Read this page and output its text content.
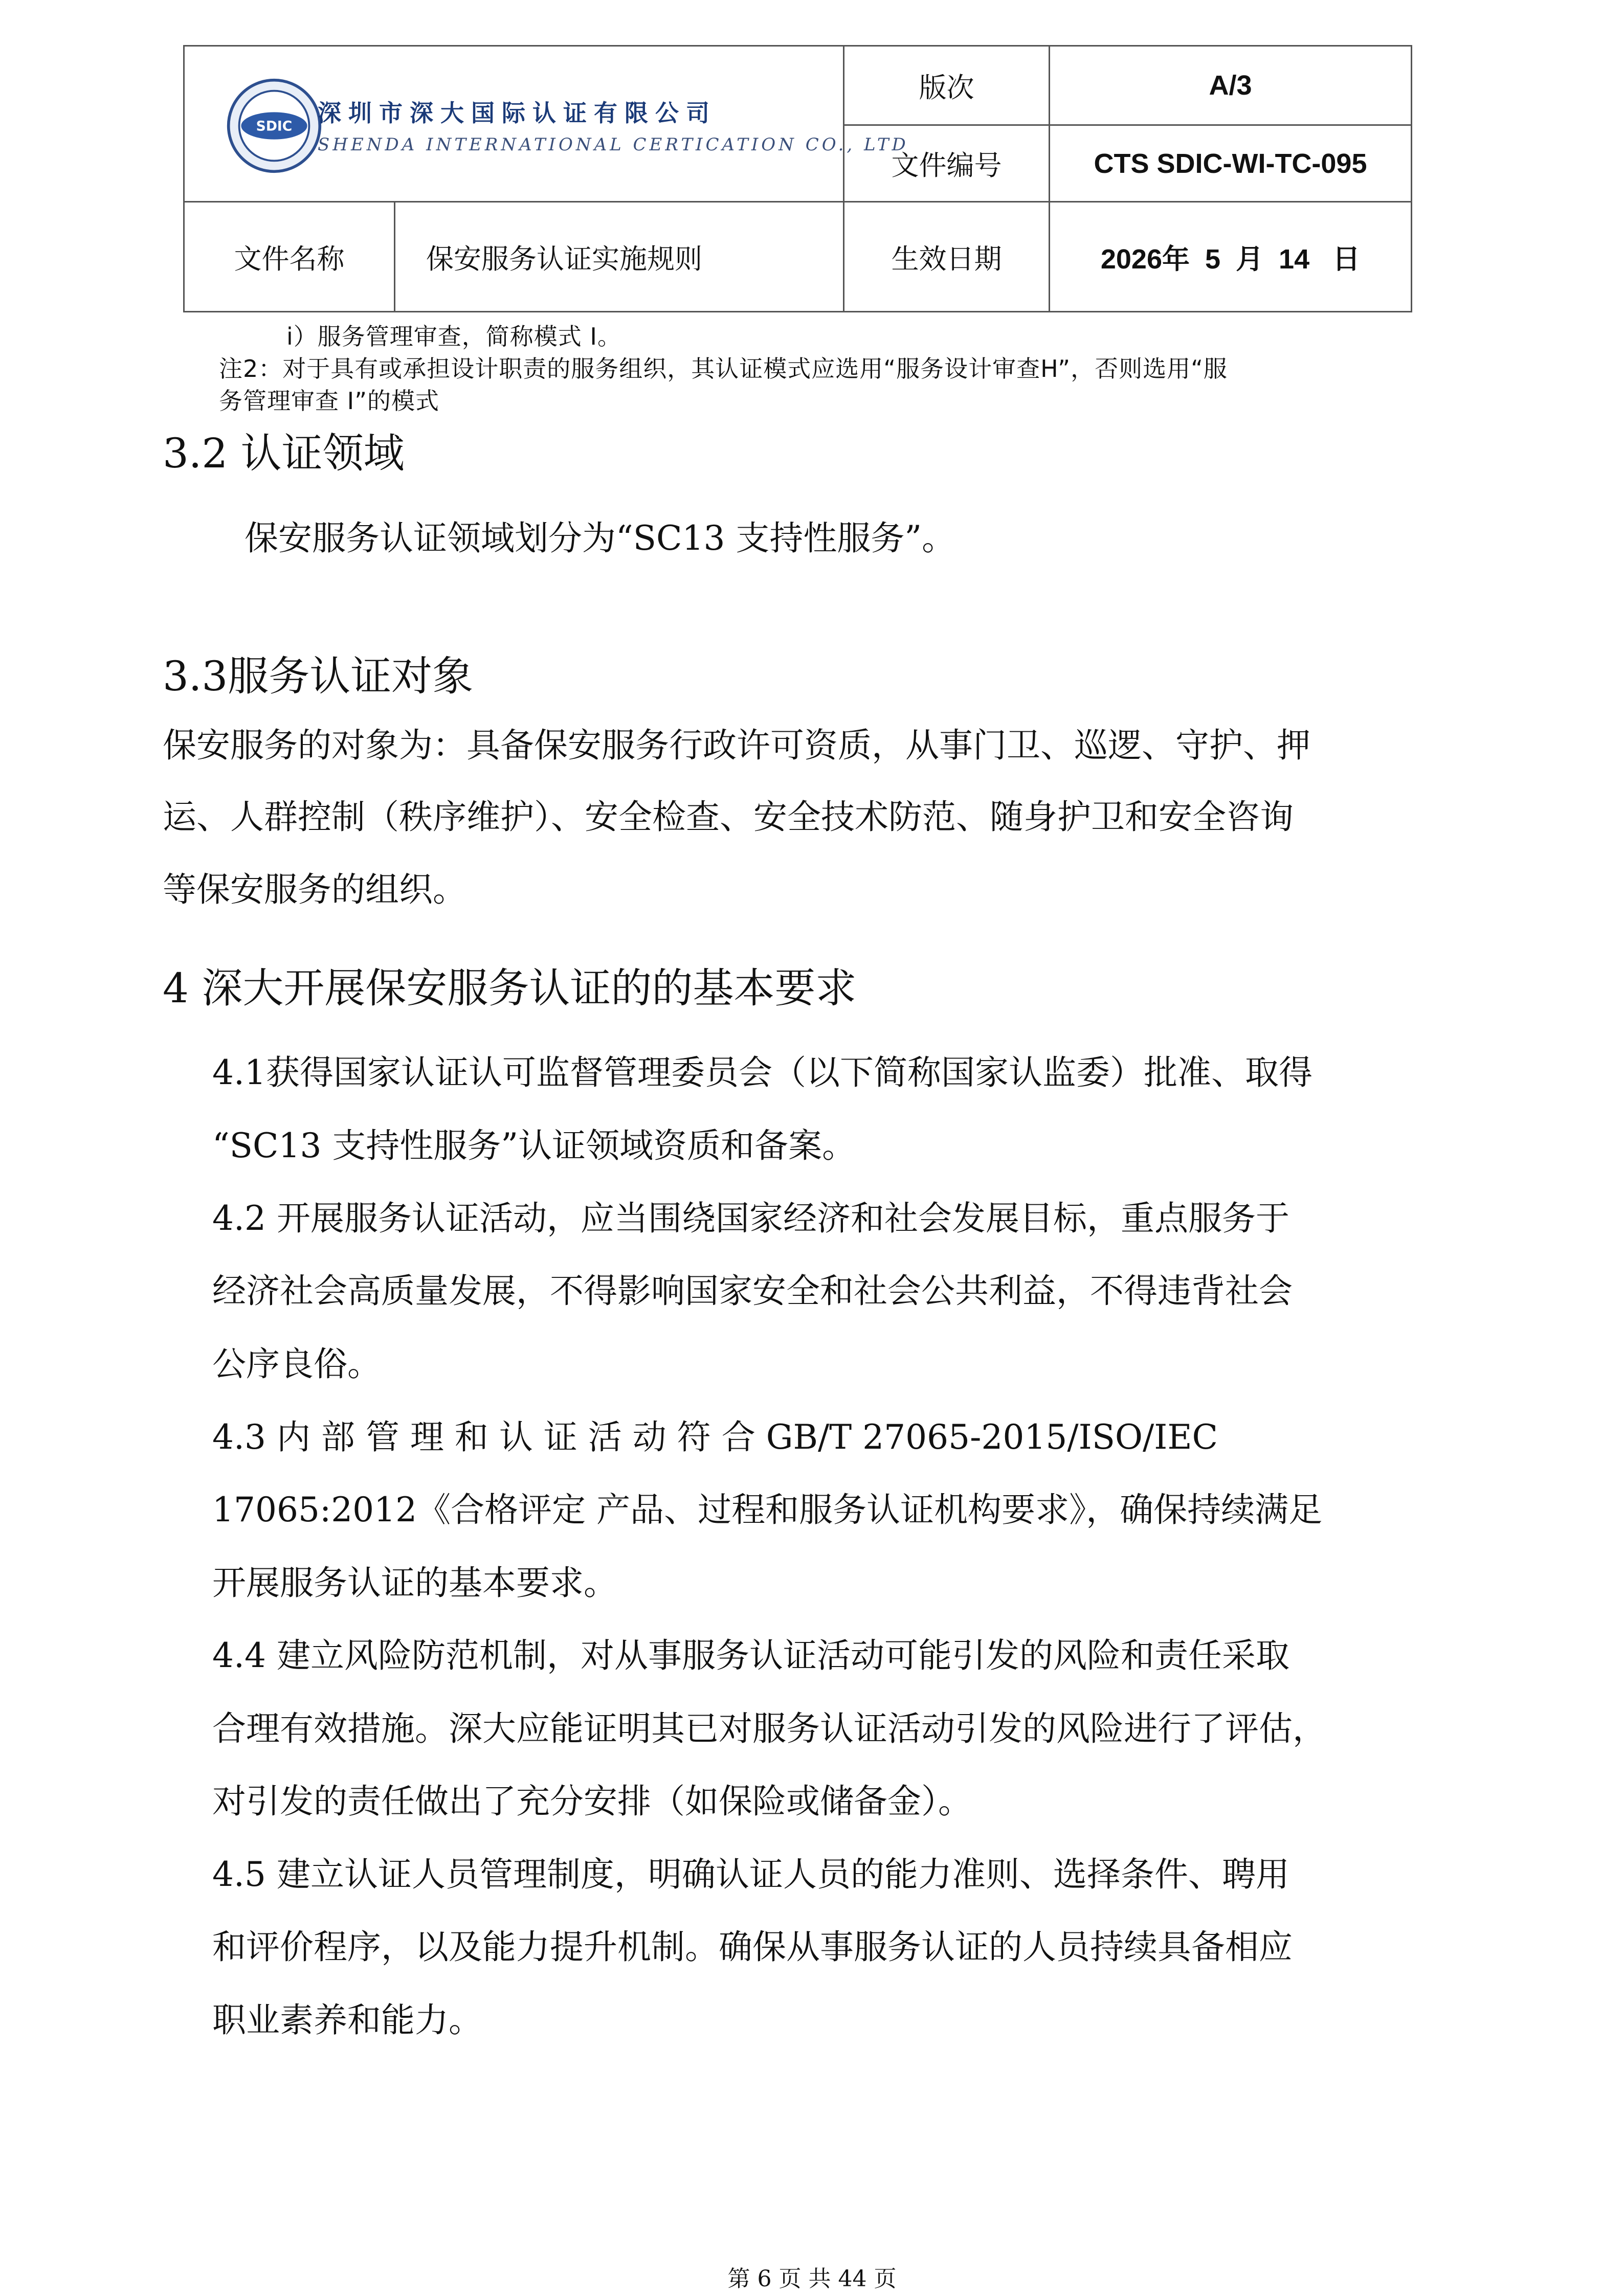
SDIC 深圳市深大国际认证有限公司
SHENDA INTERNATIONAL CERTICATION CO., LTD		版次	A/3
		文件编号	CTS SDIC-WI-TC-095
文件名称	保安服务认证实施规则	生效日期	2026年  5  月  14   日
i）服务管理审查，简称模式 I。
注2：对于具有或承担设计职责的服务组织，其认证模式应选用“服务设计审查H”，否则选用“服
务管理审查 I”的模式
3.2 认证领域
保安服务认证领域划分为“SC13 支持性服务”。
3.3服务认证对象
保安服务的对象为：具备保安服务行政许可资质，从事门卫、巡逻、守护、押
运、人群控制（秩序维护）、安全检查、安全技术防范、随身护卫和安全咨询
等保安服务的组织。
4 深大开展保安服务认证的的基本要求
4.1获得国家认证认可监督管理委员会（以下简称国家认监委）批准、取得
“SC13 支持性服务”认证领域资质和备案。
4.2 开展服务认证活动，应当围绕国家经济和社会发展目标，重点服务于
经济社会高质量发展，不得影响国家安全和社会公共利益，不得违背社会
公序良俗。
4.3 内 部 管 理 和 认 证 活 动 符 合 GB/T 27065-2015/ISO/IEC
17065:2012《合格评定 产品、过程和服务认证机构要求》，确保持续满足
开展服务认证的基本要求。
4.4 建立风险防范机制，对从事服务认证活动可能引发的风险和责任采取
合理有效措施。深大应能证明其已对服务认证活动引发的风险进行了评估，
对引发的责任做出了充分安排（如保险或储备金）。
4.5 建立认证人员管理制度，明确认证人员的能力准则、选择条件、聘用
和评价程序，以及能力提升机制。确保从事服务认证的人员持续具备相应
职业素养和能力。
第 6 页 共 44 页
